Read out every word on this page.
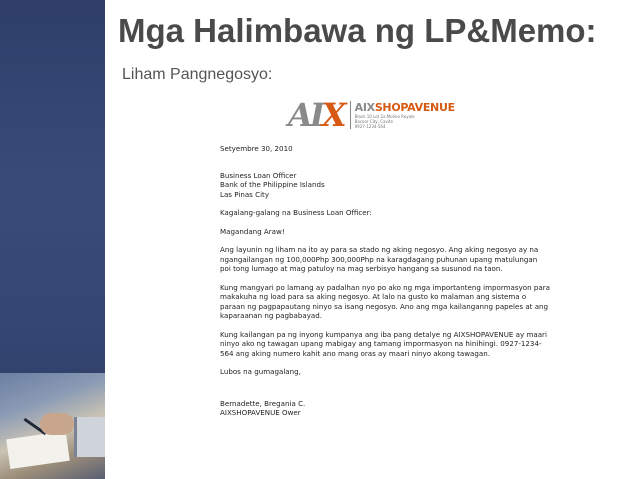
Mga Halimbawa ng LP&Memo:
Liham Pangnegosyo:
AIX AIXSHOPAVENUE
Block 10 Lot 2a Molino Royale
Bacoor City, Cavite
0927-1234-564

Setyembre 30, 2010

Business Loan Officer
Bank of the Philippine Islands
Las Pinas City

Kagalang-galang na Business Loan Officer:

Magandang Araw!

Ang layunin ng liham na ito ay para sa stado ng aking negosyo. Ang aking negosyo ay na ngangailangan ng 100,000Php 300,000Php na karagdagang puhunan upang matulungan poi tong lumago at mag patuloy na mag serbisyo hangang sa susunod na taon.

Kung mangyari po lamang ay padalhan nyo po ako ng mga importanteng impormasyon para makakuha ng load para sa aking negosyo. At lalo na gusto ko malaman ang sistema o paraan ng pagpapautang ninyo sa isang negosyo. Ano ang mga kailanganng papeles at ang kaparaanan ng pagbabayad.

Kung kailangan pa ng inyong kumpanya ang iba pang detalye ng AIXSHOPAVENUE ay maari ninyo ako ng tawagan upang mabigay ang tamang impormasyon na hinihingi. 0927-1234-564 ang aking numero kahit ano mang oras ay maari ninyo akong tawagan.

Lubos na gumagalang,

Bernadette, Bregania C.
AIXSHOPAVENUE Ower
